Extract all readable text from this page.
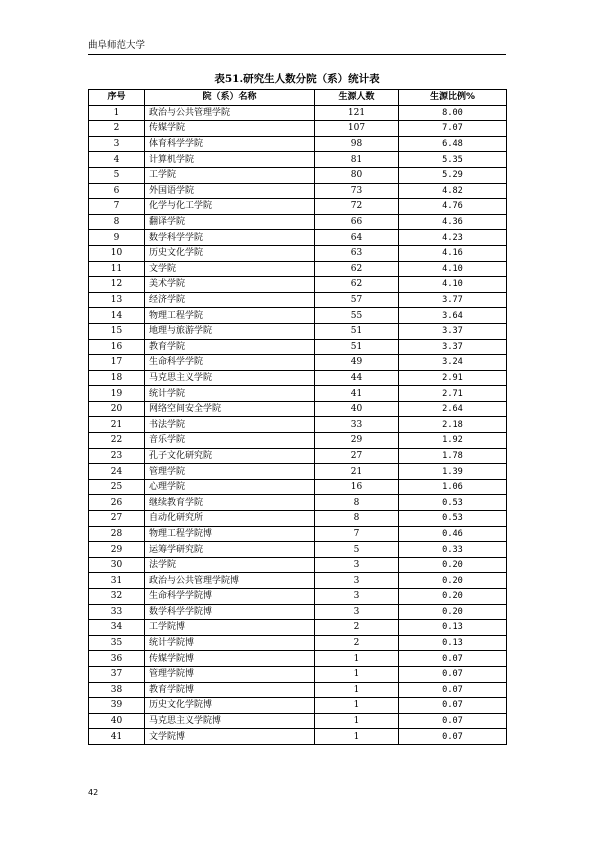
曲阜师范大学
表51.研究生人数分院（系）统计表
序号	院（系）名称	生源人数	生源比例%
1	政治与公共管理学院	121	8.00
2	传媒学院	107	7.07
3	体育科学学院	98	6.48
4	计算机学院	81	5.35
5	工学院	80	5.29
6	外国语学院	73	4.82
7	化学与化工学院	72	4.76
8	翻译学院	66	4.36
9	数学科学学院	64	4.23
10	历史文化学院	63	4.16
11	文学院	62	4.10
12	美术学院	62	4.10
13	经济学院	57	3.77
14	物理工程学院	55	3.64
15	地理与旅游学院	51	3.37
16	教育学院	51	3.37
17	生命科学学院	49	3.24
18	马克思主义学院	44	2.91
19	统计学院	41	2.71
20	网络空间安全学院	40	2.64
21	书法学院	33	2.18
22	音乐学院	29	1.92
23	孔子文化研究院	27	1.78
24	管理学院	21	1.39
25	心理学院	16	1.06
26	继续教育学院	8	0.53
27	自动化研究所	8	0.53
28	物理工程学院博	7	0.46
29	运筹学研究院	5	0.33
30	法学院	3	0.20
31	政治与公共管理学院博	3	0.20
32	生命科学学院博	3	0.20
33	数学科学学院博	3	0.20
34	工学院博	2	0.13
35	统计学院博	2	0.13
36	传媒学院博	1	0.07
37	管理学院博	1	0.07
38	教育学院博	1	0.07
39	历史文化学院博	1	0.07
40	马克思主义学院博	1	0.07
41	文学院博	1	0.07
42
